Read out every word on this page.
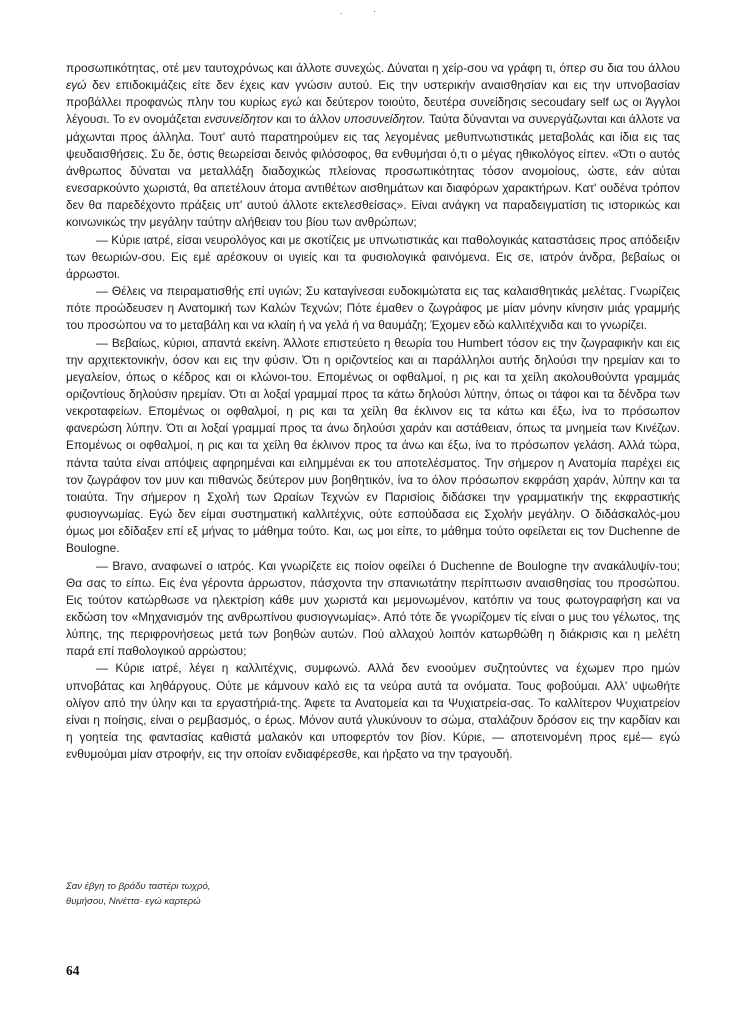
. ·

προσωπικότητας, οτέ μεν ταυτοχρόνως και άλλοτε συνεχώς. Δύναται η χείρ-σου να γράφη τι, όπερ συ δια του άλλου εγώ δεν επιδοκιμάζεις είτε δεν έχεις καν γνώσιν αυτού. Εις την υστερικήν αναισθησίαν και εις την υπνοβασίαν προβάλλει προφανώς πλην του κυρίως εγώ και δεύτερον τοιούτο, δευτέρα συνείδησις secoudary self ως οι Άγγλοι λέγουσι. Το εν ονομάζεται ενσυνείδητον και το άλλον υποσυνείδητον. Ταύτα δύνανται να συνεργάζωνται και άλλοτε να μάχωνται προς άλληλα. Τουτ' αυτό παρατηρούμεν εις τας λεγομένας μεθυπνωτιστικάς μεταβολάς και ίδια εις τας ψευδαισθήσεις. Συ δε, όστις θεωρείσαι δεινός φιλόσοφος, θα ενθυμήσαι ό,τι ο μέγας ηθικολόγος είπεν. «Ότι ο αυτός άνθρωπος δύναται να μεταλλάξη διαδοχικώς πλείονας προσωπικότητας τόσον ανομοίους, ώστε, εάν αύται ενεσαρκούντο χωριστά, θα απετέλουν άτομα αντιθέτων αισθημάτων και διαφόρων χαρακτήρων. Κατ' ουδένα τρόπον δεν θα παρεδέχοντο πράξεις υπ' αυτού άλλοτε εκτελεσθείσας». Είναι ανάγκη να παραδειγματίση τις ιστορικώς και κοινωνικώς την μεγάλην ταύτην αλήθειαν του βίου των ανθρώπων;

— Κύριε ιατρέ, είσαι νευρολόγος και με σκοτίζεις με υπνωτιστικάς και παθολογικάς καταστάσεις προς απόδειξιν των θεωριών-σου. Εις εμέ αρέσκουν οι υγιείς και τα φυσιολογικά φαινόμενα. Εις σε, ιατρόν άνδρα, βεβαίως οι άρρωστοι.

— Θέλεις να πειραματισθής επί υγιών; Συ καταγίνεσαι ευδοκιμώτατα εις τας καλαισθητικάς μελέτας. Γνωρίζεις πότε προώδευσεν η Ανατομική των Καλών Τεχνών; Πότε έμαθεν ο ζωγράφος με μίαν μόνην κίνησιν μιάς γραμμής του προσώπου να το μεταβάλη και να κλαίη ή να γελά ή να θαυμάζη; Έχομεν εδώ καλλιτέχνιδα και το γνωρίζει.

— Βεβαίως, κύριοι, απαντά εκείνη. Άλλοτε επιστεύετο η θεωρία του Humbert τόσον εις την ζωγραφικήν και εις την αρχιτεκτονικήν, όσον και εις την φύσιν. Ότι η οριζοντείος και αι παράλληλοι αυτής δηλούσι την ηρεμίαν και το μεγαλείον, όπως ο κέδρος και οι κλώνοι-του. Επομένως οι οφθαλμοί, η ρις και τα χείλη ακολουθούντα γραμμάς οριζοντίους δηλούσιν ηρεμίαν. Ότι αι λοξαί γραμμαί προς τα κάτω δηλούσι λύπην, όπως οι τάφοι και τα δένδρα των νεκροταφείων. Επομένως οι οφθαλμοί, η ρις και τα χείλη θα έκλινον εις τα κάτω και έξω, ίνα το πρόσωπον φανερώση λύπην. Ότι αι λοξαί γραμμαί προς τα άνω δηλούσι χαράν και αστάθειαν, όπως τα μνημεία των Κινέζων. Επομένως οι οφθαλμοί, η ρις και τα χείλη θα έκλινον προς τα άνω και έξω, ίνα το πρόσωπον γελάση. Αλλά τώρα, πάντα ταύτα είναι απόψεις αφηρημέναι και ειλημμέναι εκ του αποτελέσματος. Την σήμερον η Ανατομία παρέχει εις τον ζωγράφον τον μυν και πιθανώς δεύτερον μυν βοηθητικόν, ίνα το όλον πρόσωπον εκφράση χαράν, λύπην και τα τοιαύτα. Την σήμερον η Σχολή των Ωραίων Τεχνών εν Παρισίοις διδάσκει την γραμματικήν της εκφραστικής φυσιογνωμίας. Εγώ δεν είμαι συστηματική καλλιτέχνις, ούτε εσπούδασα εις Σχολήν μεγάλην. Ο διδάσκαλός-μου όμως μοι εδίδαξεν επί εξ μήνας το μάθημα τούτο. Και, ως μοι είπε, το μάθημα τούτο οφείλεται εις τον Duchenne de Boulogne.

— Bravo, αναφωνεί ο ιατρός. Και γνωρίζετε εις ποίον οφείλει ό Duchenne de Boulogne την ανακάλυψίν-του; Θα σας το είπω. Εις ένα γέροντα άρρωστον, πάσχοντα την σπανιωτάτην περίπτωσιν αναισθησίας του προσώπου. Εις τούτον κατώρθωσε να ηλεκτρίση κάθε μυν χωριστά και μεμονωμένον, κατόπιν να τους φωτογραφήση και να εκδώση τον «Μηχανισμόν της ανθρωπίνου φυσιογνωμίας». Από τότε δε γνωρίζομεν τίς είναι ο μυς του γέλωτος, της λύπης, της περιφρονήσεως μετά των βοηθών αυτών. Πού αλλαχού λοιπόν κατωρθώθη η διάκρισις και η μελέτη παρά επί παθολογικού αρρώστου;

— Κύριε ιατρέ, λέγει η καλλιτέχνις, συμφωνώ. Αλλά δεν ενοούμεν συζητούντες να έχωμεν προ ημών υπνοβάτας και ληθάργους. Ούτε με κάμνουν καλό εις τα νεύρα αυτά τα ονόματα. Τους φοβούμαι. Αλλ' υψωθήτε ολίγον από την ύλην και τα εργαστήριά-της. Άφετε τα Ανατομεία και τα Ψυχιατρεία-σας. Το καλλίτερον Ψυχιατρείον είναι η ποίησις, είναι ο ρεμβασμός, ο έρως. Μόνον αυτά γλυκύνουν το σώμα, σταλάζουν δρόσον εις την καρδίαν και η γοητεία της φαντασίας καθιστά μαλακόν και υποφερτόν τον βίον. Κύριε, — αποτεινομένη προς εμέ— εγώ ενθυμούμαι μίαν στροφήν, εις την οποίαν ενδιαφέρεσθε, και ήρξατο να την τραγουδή.

Σαν έβγη το βράδυ ταστέρι τωχρό,
θυμήσου, Νινέττα· εγώ καρτερώ
64
